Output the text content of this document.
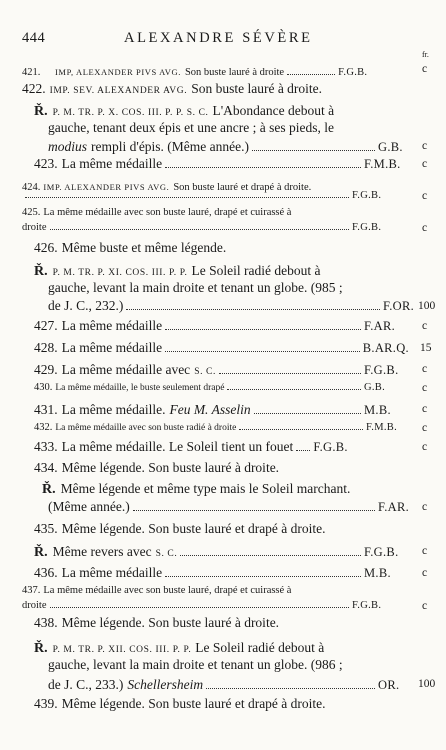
444	ALEXANDRE SÉVÈRE
fr.
421.	IMP, ALEXANDER PIVS AVG.
Son buste lauré à droite	F.G.B.	c
422. IMP. SEV. ALEXANDER AVG.
Son buste lauré à droite.
Ř. P. M. TR. P. X. COS. III. P. P. S. C.
L'Abondance debout à
gauche, tenant deux épis et une ancre ; à ses pieds, le
modius
rempli d'épis. (Même année.)	G.B.	c
423. La même médaille	F.M.B. c
424. IMP. ALEXANDER PIVS AVG.
Son buste lauré et drapé à droite.
F.G.B.	c
425. La même médaille avec son buste lauré, drapé et cuirassé à
droite	F.G.B.	c
426. Même buste et même légende.
Ř. P. M. TR. P. XI. COS. III. P. P.
Le Soleil radié debout à
gauche, levant la main droite et tenant un globe. (985 ;
de J. C., 232.)	F.OR. 100
427. La même médaille	F.AR.	c
428. La même médaille	B.AR.Q. 15
429. La même médaille avec
S. C.	F.G.B.	c
430. La même médaille, le buste seulement drapé	G.B.	c
431. La même médaille.
Feu M. Asselin	M.B.	c
432. La même médaille avec son buste radié à droite	F.M.B.	c
433. La même médaille. Le Soleil tient un fouet F.G.B.	c
434. Même légende. Son buste lauré à droite.
Ř. Même légende et même type mais le Soleil marchant.
(Même année.)	F.AR.	c
435. Même légende. Son buste lauré et drapé à droite.
Ř. Même revers avec
S. C.	F.G.B.	c
436. La même médaille	M.B.	c
437. La même médaille avec son buste lauré, drapé et cuirassé à
droite	F.G.B.	c
438. Même légende. Son buste lauré à droite.
Ř. P. M. TR. P. XII. COS. III. P. P.
Le Soleil radié debout à
gauche, levant la main droite et tenant un globe. (986 ;
de J. C., 233.)
Schellersheim	OR.	100
439. Même légende. Son buste lauré et drapé à droite.
